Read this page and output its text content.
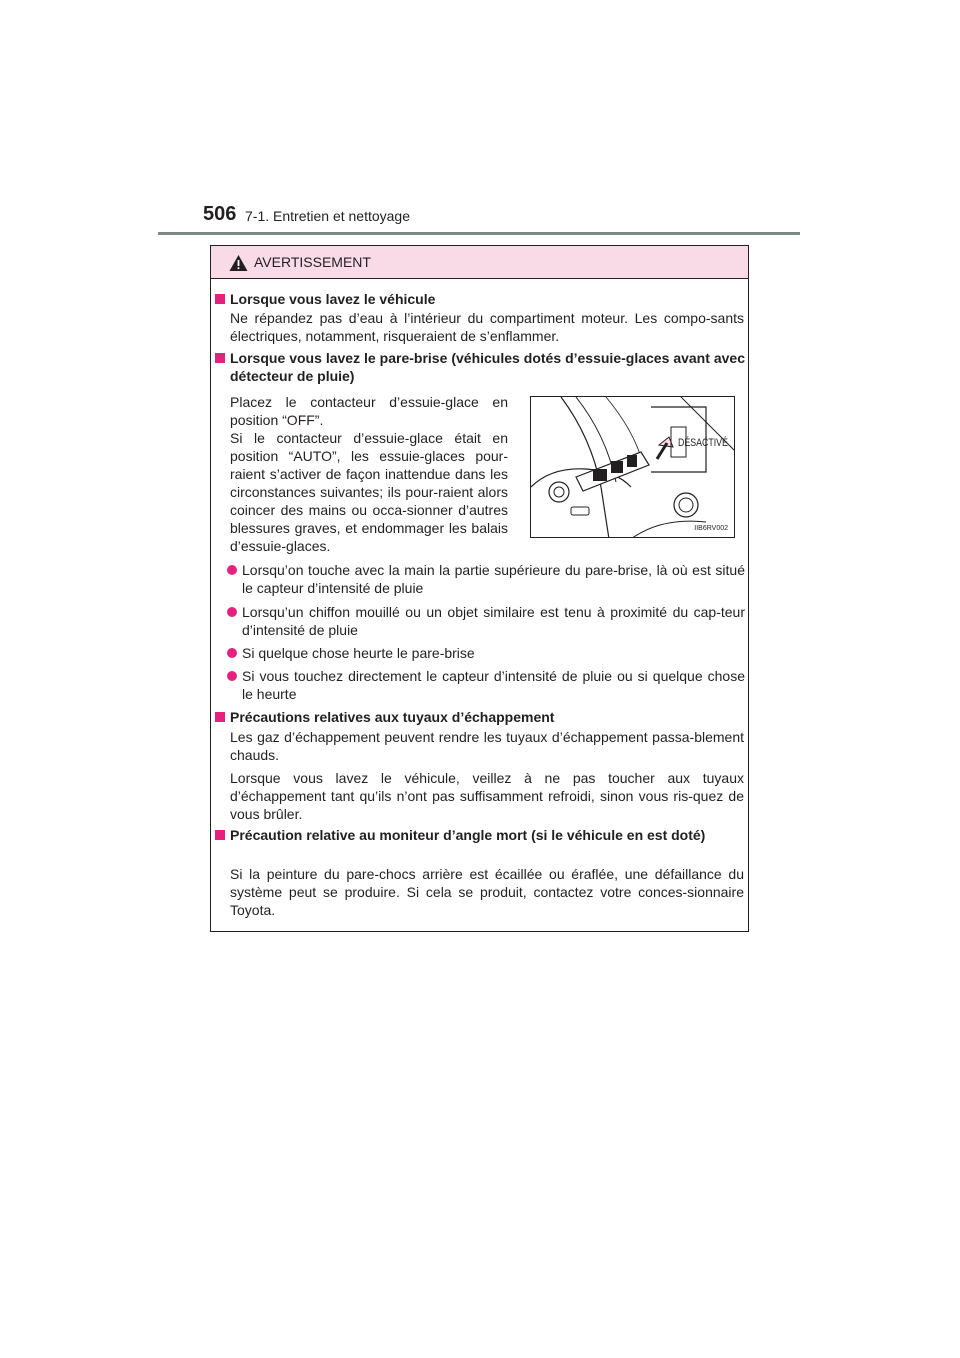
506 7-1. Entretien et nettoyage
AVERTISSEMENT
Lorsque vous lavez le véhicule
Ne répandez pas d’eau à l’intérieur du compartiment moteur. Les compo-sants électriques, notamment, risqueraient de s’enflammer.
Lorsque vous lavez le pare-brise (véhicules dotés d’essuie-glaces avant avec détecteur de pluie)
Placez le contacteur d’essuie-glace en position “OFF”.
Si le contacteur d’essuie-glace était en position “AUTO”, les essuie-glaces pour-raient s’activer de façon inattendue dans les circonstances suivantes; ils pour-raient alors coincer des mains ou occa-sionner d’autres blessures graves, et endommager les balais d’essuie-glaces.
DÉSACTIVÉ
IIB6RV002
Lorsqu’on touche avec la main la partie supérieure du pare-brise, là où est situé le capteur d’intensité de pluie
Lorsqu’un chiffon mouillé ou un objet similaire est tenu à proximité du cap-teur d’intensité de pluie
Si quelque chose heurte le pare-brise
Si vous touchez directement le capteur d’intensité de pluie ou si quelque chose le heurte
Précautions relatives aux tuyaux d’échappement
Les gaz d’échappement peuvent rendre les tuyaux d’échappement passa-blement chauds.
Lorsque vous lavez le véhicule, veillez à ne pas toucher aux tuyaux d’échappement tant qu’ils n’ont pas suffisamment refroidi, sinon vous ris-quez de vous brûler.
Précaution relative au moniteur d’angle mort (si le véhicule en est doté)
Si la peinture du pare-chocs arrière est écaillée ou éraflée, une défaillance du système peut se produire. Si cela se produit, contactez votre conces-sionnaire Toyota.
